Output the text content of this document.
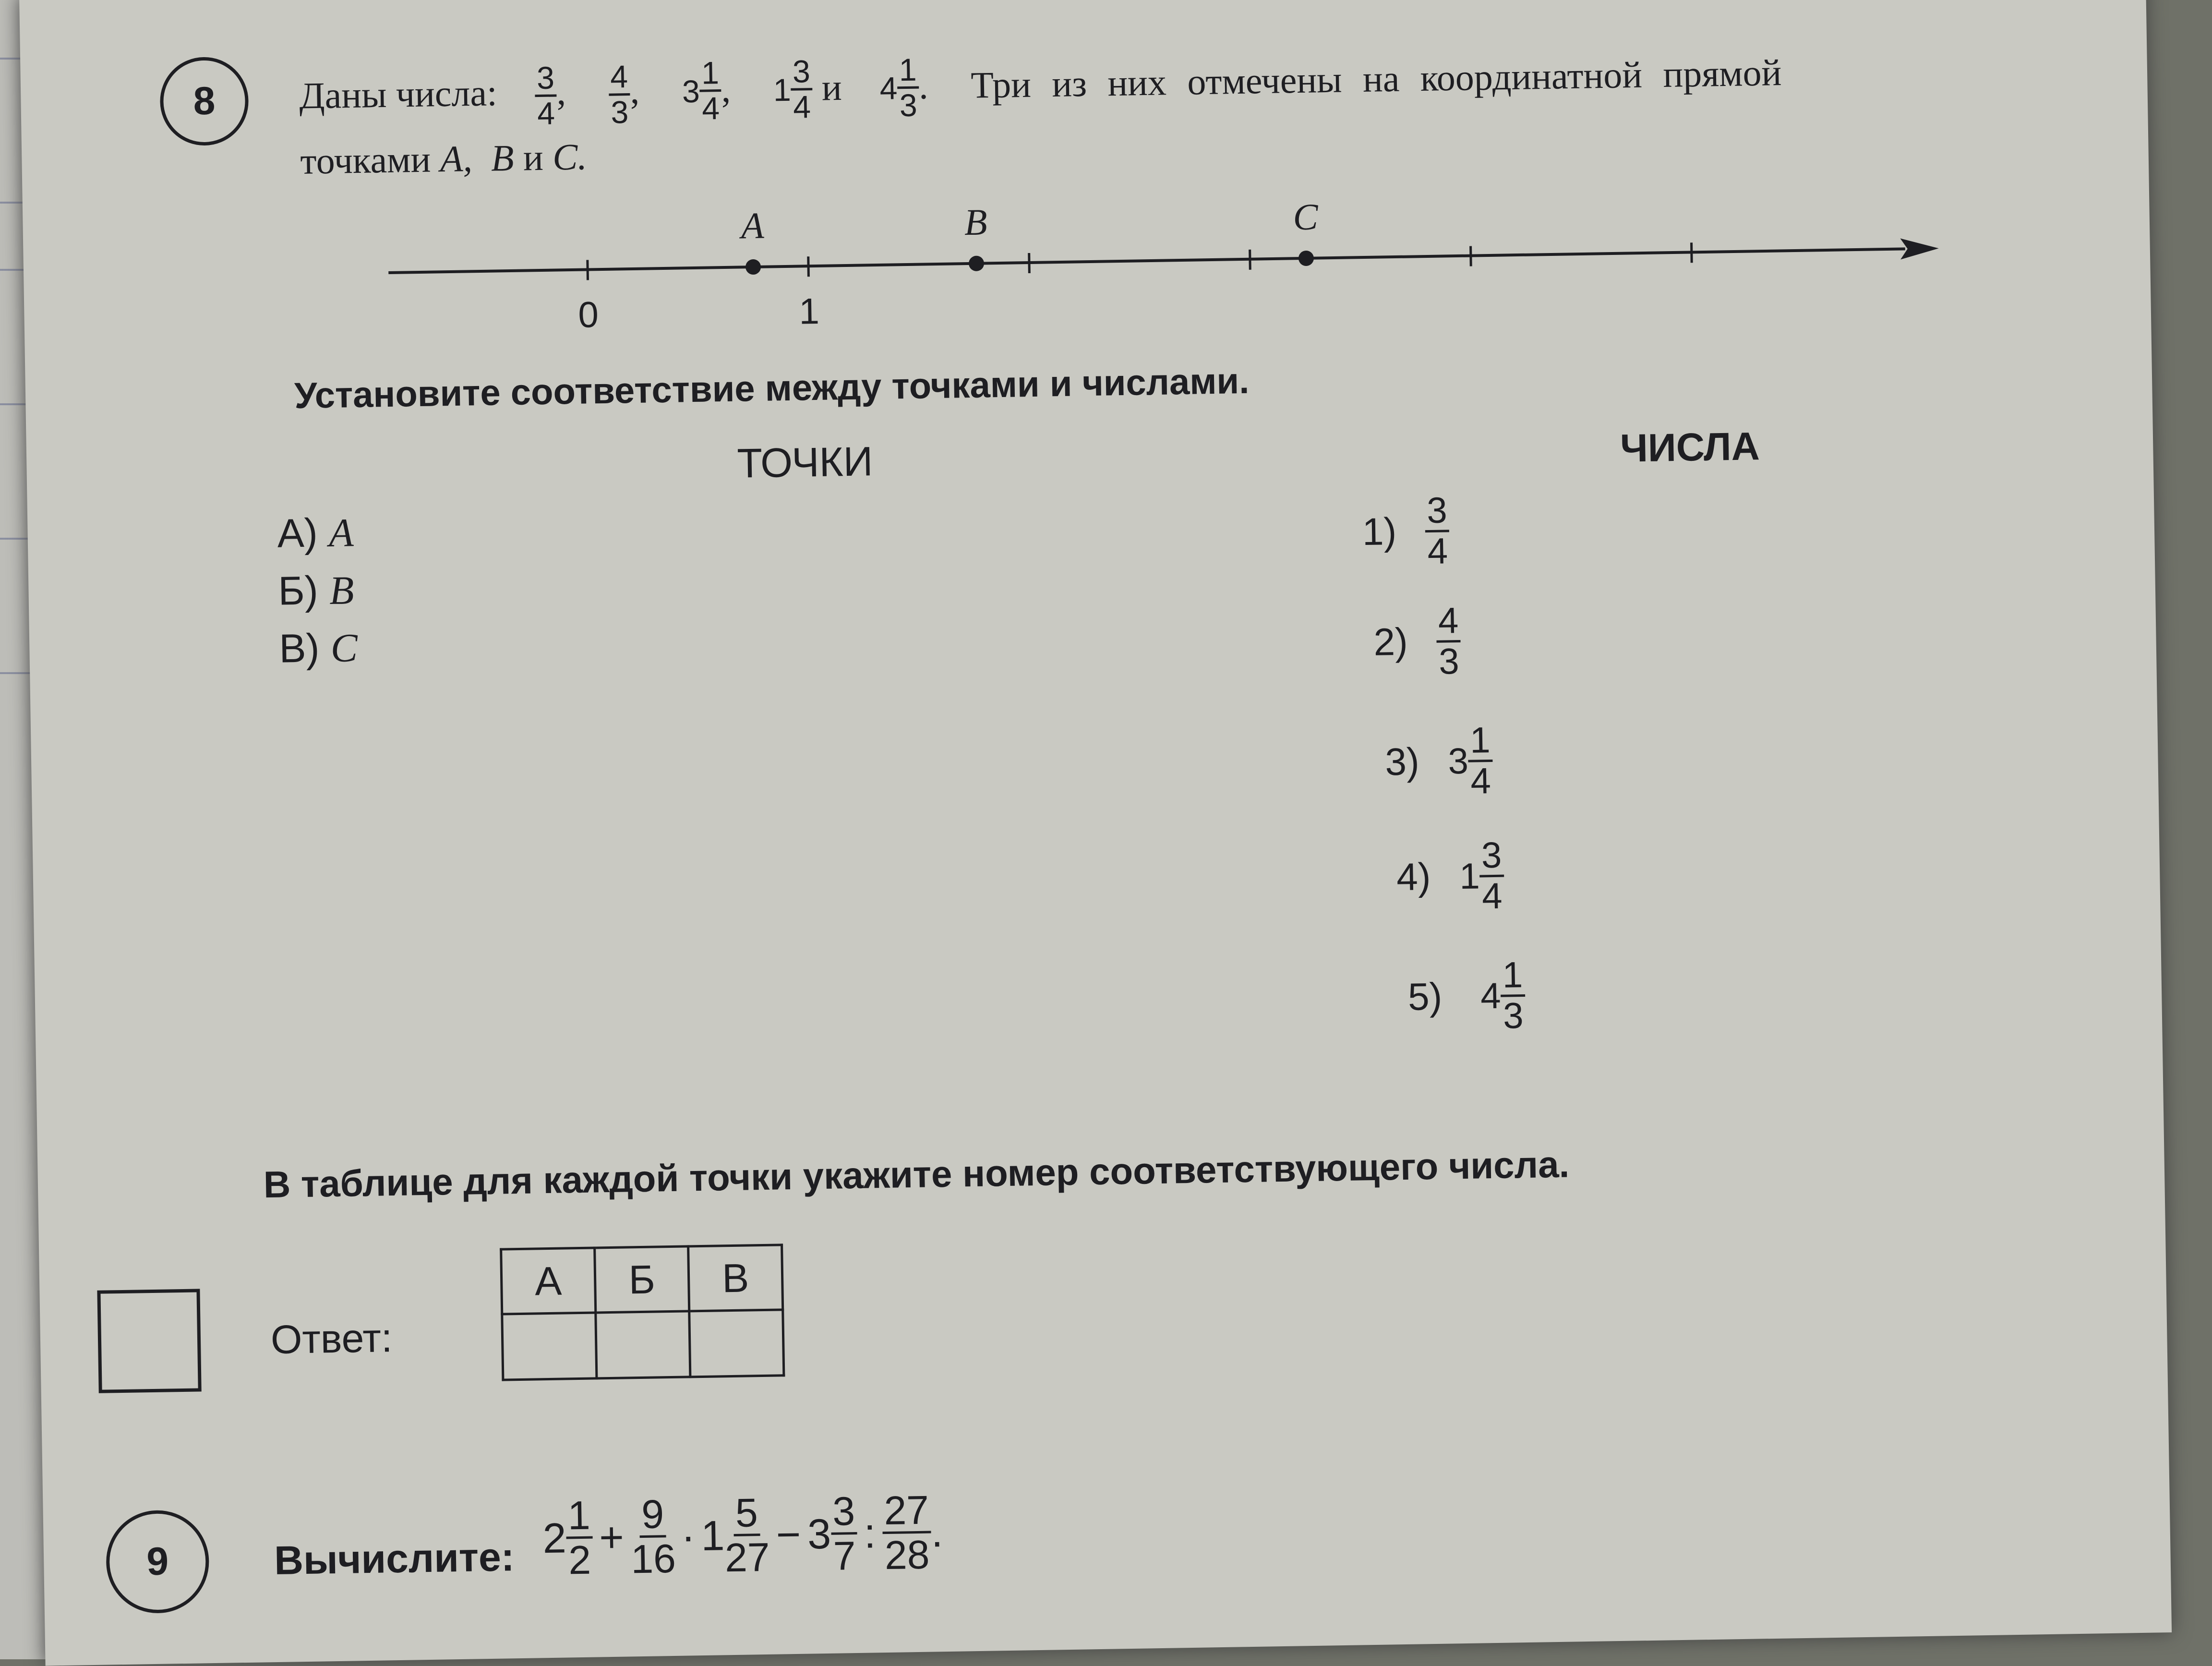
8	Даны числа: $\frac{3}{4}$
, $\frac{4}{3}$
, 3
$\frac{1}{4}$
, 1
$\frac{3}{4}$
и 4
$\frac{1}{3}$
. Три из них отмечены на координатной прямой
точками A,  B и C.
A	B	C
0	1
Установите соответствие между точками и числами.
ТОЧКИ	ЧИСЛА
А) A
Б) B
В) C
$1) \frac{3}{4}$
$2) \frac{4}{3}$
3) 3
$\frac{1}{4}$
4) 1
$\frac{3}{4}$
5) 4
$\frac{1}{3}$
В таблице для каждой точки укажите номер соответствующего числа.
Ответ:
А	Б	В

9	Вычислите: 2
$\frac{1}{2} + \frac{9}{16} \cdot 1$
$\frac{5}{27} - 3$
$\frac{3}{7}$ : $\frac{27}{28}$
.
